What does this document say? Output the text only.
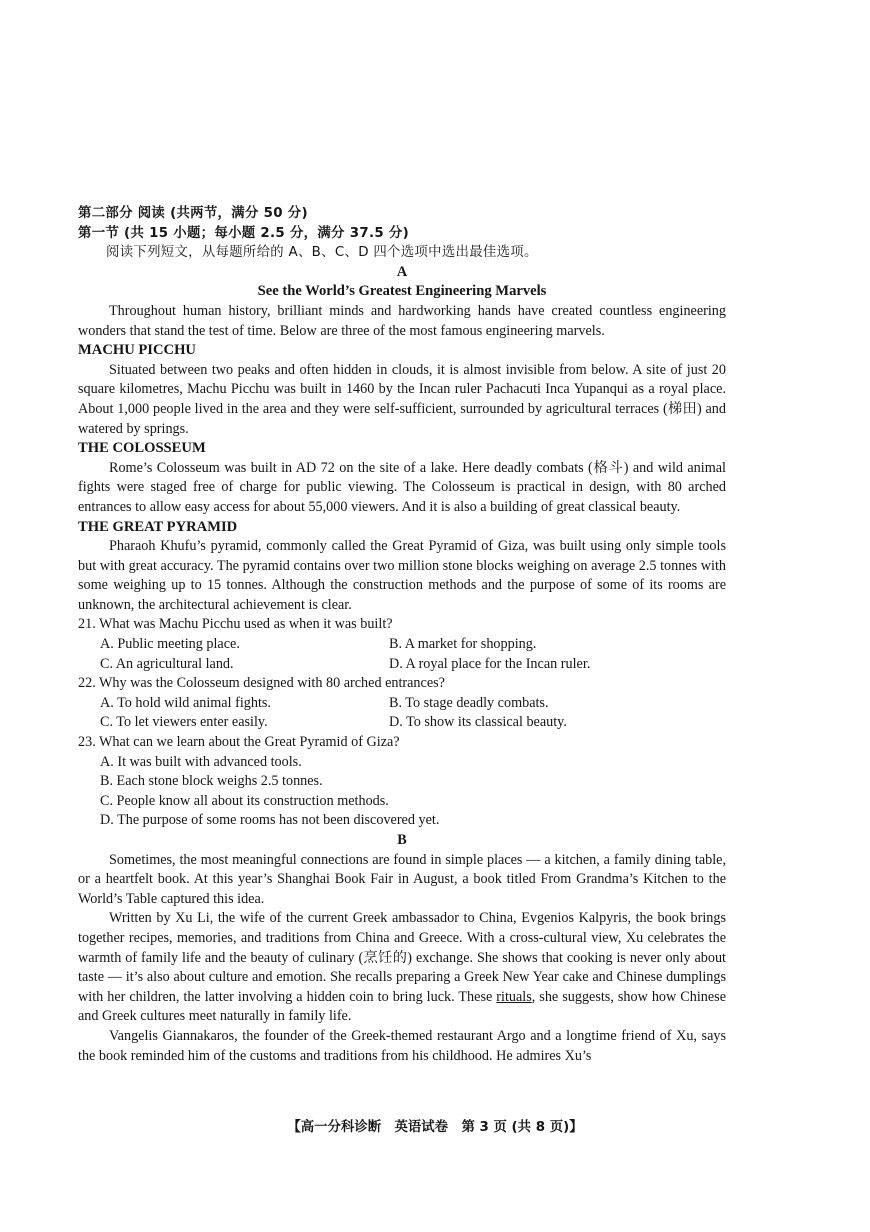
第二部分 阅读 (共两节，满分 50 分)
第一节 (共 15 小题；每小题 2.5 分，满分 37.5 分)
阅读下列短文，从每题所给的 A、B、C、D 四个选项中选出最佳选项。
A
See the World’s Greatest Engineering Marvels

Throughout human history, brilliant minds and hardworking hands have created countless engineering wonders that stand the test of time. Below are three of the most famous engineering marvels.

MACHU PICCHU

Situated between two peaks and often hidden in clouds, it is almost invisible from below. A site of just 20 square kilometres, Machu Picchu was built in 1460 by the Incan ruler Pachacuti Inca Yupanqui as a royal place. About 1,000 people lived in the area and they were self-sufficient, surrounded by agricultural terraces (梯田) and watered by springs.

THE COLOSSEUM

Rome’s Colosseum was built in AD 72 on the site of a lake. Here deadly combats (格斗) and wild animal fights were staged free of charge for public viewing. The Colosseum is practical in design, with 80 arched entrances to allow easy access for about 55,000 viewers. And it is also a building of great classical beauty.

THE GREAT PYRAMID

Pharaoh Khufu’s pyramid, commonly called the Great Pyramid of Giza, was built using only simple tools but with great accuracy. The pyramid contains over two million stone blocks weighing on average 2.5 tonnes with some weighing up to 15 tonnes. Although the construction methods and the purpose of some of its rooms are unknown, the architectural achievement is clear.

21. What was Machu Picchu used as when it was built?
A. Public meeting place.	B. A market for shopping.
C. An agricultural land.	D. A royal place for the Incan ruler.
22. Why was the Colosseum designed with 80 arched entrances?
A. To hold wild animal fights.	B. To stage deadly combats.
C. To let viewers enter easily.	D. To show its classical beauty.
23. What can we learn about the Great Pyramid of Giza?
A. It was built with advanced tools.
B. Each stone block weighs 2.5 tonnes.
C. People know all about its construction methods.
D. The purpose of some rooms has not been discovered yet.
B

Sometimes, the most meaningful connections are found in simple places — a kitchen, a family dining table, or a heartfelt book. At this year’s Shanghai Book Fair in August, a book titled From Grandma’s Kitchen to the World’s Table captured this idea.

Written by Xu Li, the wife of the current Greek ambassador to China, Evgenios Kalpyris, the book brings together recipes, memories, and traditions from China and Greece. With a cross-cultural view, Xu celebrates the warmth of family life and the beauty of culinary (烹饪的) exchange. She shows that cooking is never only about taste — it’s also about culture and emotion. She recalls preparing a Greek New Year cake and Chinese dumplings with her children, the latter involving a hidden coin to bring luck. These rituals, she suggests, show how Chinese and Greek cultures meet naturally in family life.

Vangelis Giannakaros, the founder of the Greek-themed restaurant Argo and a longtime friend of Xu, says the book reminded him of the customs and traditions from his childhood. He admires Xu’s

【高一分科诊断　英语试卷　第 3 页 (共 8 页)】
